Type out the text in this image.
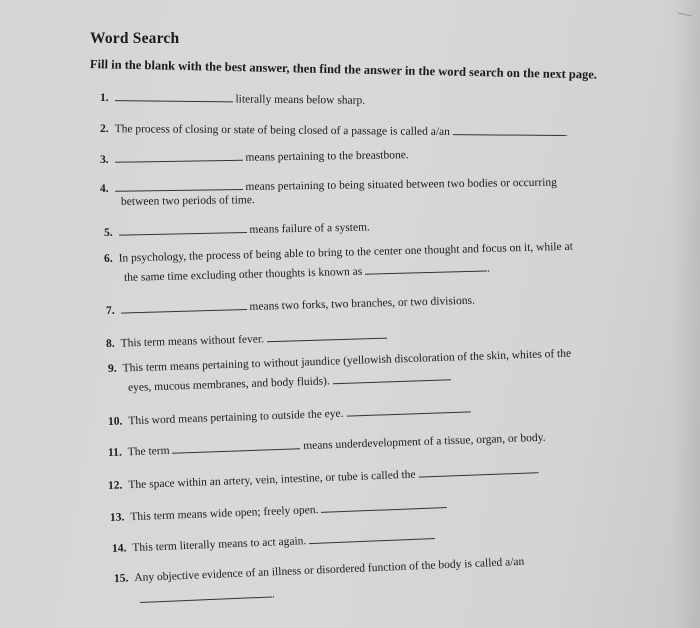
Word Search
Fill in the blank with the best answer, then find the answer in the word search on the next page.
1.	literally means below sharp.
2. The process of closing or state of being closed of a passage is called a/an	.
3.	means pertaining to the breastbone.
4.	means pertaining to being situated between two bodies or occurring
between two periods of time.
5.	means failure of a system.
6. In psychology, the process of being able to bring to the center one thought and focus on it, while at
the same time excluding other thoughts is known as	.
7.	means two forks, two branches, or two divisions.
8. This term means without fever.
9. This term means pertaining to without jaundice (yellowish discoloration of the skin, whites of the
eyes, mucous membranes, and body fluids).
10. This word means pertaining to outside the eye.
11. The term	means underdevelopment of a tissue, organ, or body.
12. The space within an artery, vein, intestine, or tube is called the	.
13. This term means wide open; freely open.
14. This term literally means to act again.
15. Any objective evidence of an illness or disordered function of the body is called a/an
.
